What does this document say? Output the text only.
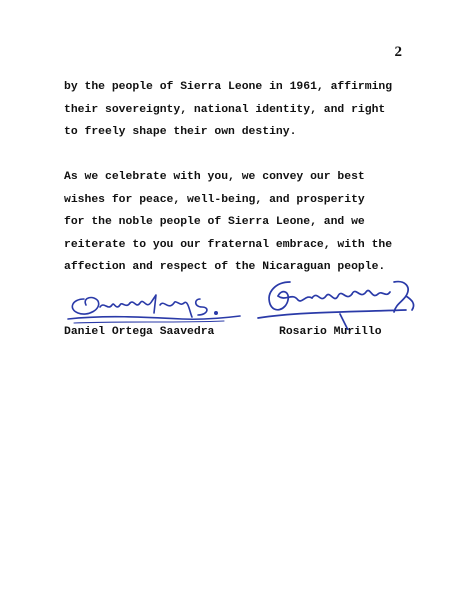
2

by the people of Sierra Leone in 1961, affirming
their sovereignty, national identity, and right
to freely shape their own destiny.

As we celebrate with you, we convey our best
wishes for peace, well-being, and prosperity
for the noble people of Sierra Leone, and we
reiterate to you our fraternal embrace, with the
affection and respect of the Nicaraguan people.

Daniel Ortega Saavedra	Rosario Murillo
